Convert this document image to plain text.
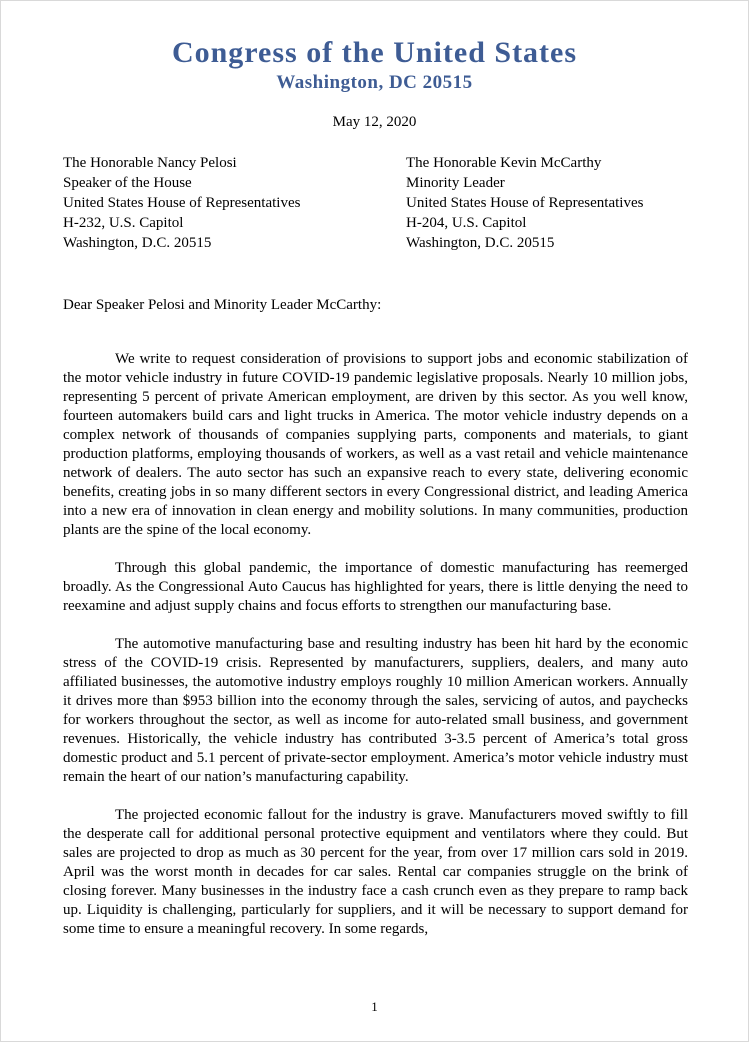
Congress of the United States
Washington, DC 20515
May 12, 2020
The Honorable Nancy Pelosi
Speaker of the House
United States House of Representatives
H-232, U.S. Capitol
Washington, D.C. 20515
The Honorable Kevin McCarthy
Minority Leader
United States House of Representatives
H-204, U.S. Capitol
Washington, D.C. 20515
Dear Speaker Pelosi and Minority Leader McCarthy:

We write to request consideration of provisions to support jobs and economic stabilization of the motor vehicle industry in future COVID-19 pandemic legislative proposals. Nearly 10 million jobs, representing 5 percent of private American employment, are driven by this sector. As you well know, fourteen automakers build cars and light trucks in America. The motor vehicle industry depends on a complex network of thousands of companies supplying parts, components and materials, to giant production platforms, employing thousands of workers, as well as a vast retail and vehicle maintenance network of dealers. The auto sector has such an expansive reach to every state, delivering economic benefits, creating jobs in so many different sectors in every Congressional district, and leading America into a new era of innovation in clean energy and mobility solutions. In many communities, production plants are the spine of the local economy.

Through this global pandemic, the importance of domestic manufacturing has reemerged broadly. As the Congressional Auto Caucus has highlighted for years, there is little denying the need to reexamine and adjust supply chains and focus efforts to strengthen our manufacturing base.

The automotive manufacturing base and resulting industry has been hit hard by the economic stress of the COVID-19 crisis. Represented by manufacturers, suppliers, dealers, and many auto affiliated businesses, the automotive industry employs roughly 10 million American workers. Annually it drives more than $953 billion into the economy through the sales, servicing of autos, and paychecks for workers throughout the sector, as well as income for auto-related small business, and government revenues. Historically, the vehicle industry has contributed 3-3.5 percent of America’s total gross domestic product and 5.1 percent of private-sector employment. America’s motor vehicle industry must remain the heart of our nation’s manufacturing capability.

The projected economic fallout for the industry is grave. Manufacturers moved swiftly to fill the desperate call for additional personal protective equipment and ventilators where they could. But sales are projected to drop as much as 30 percent for the year, from over 17 million cars sold in 2019. April was the worst month in decades for car sales. Rental car companies struggle on the brink of closing forever. Many businesses in the industry face a cash crunch even as they prepare to ramp back up. Liquidity is challenging, particularly for suppliers, and it will be necessary to support demand for some time to ensure a meaningful recovery. In some regards,

1
